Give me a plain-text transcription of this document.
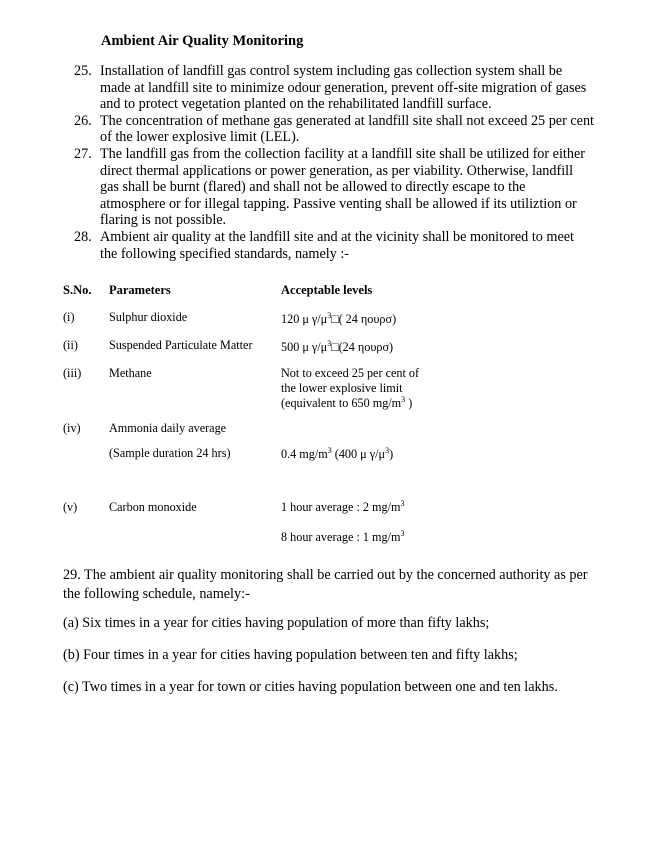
Ambient Air Quality Monitoring
25. Installation of landfill gas control system including gas collection system shall be made at landfill site to minimize odour generation, prevent off-site migration of gases and to protect vegetation planted on the rehabilitated landfill surface.
26. The concentration of methane gas generated at landfill site shall not exceed 25 per cent of the lower explosive limit (LEL).
27. The landfill gas from the collection facility at a landfill site shall be utilized for either direct thermal applications or power generation, as per viability. Otherwise, landfill gas shall be burnt (flared) and shall not be allowed to directly escape to the atmosphere or for illegal tapping. Passive venting shall be allowed if its utiliztion or flaring is not possible.
28. Ambient air quality at the landfill site and at the vicinity shall be monitored to meet the following specified standards, namely :-
S.No. Parameters	Acceptable levels
(i)	Sulphur dioxide	120 μ $\gamma/\mu^3□$( 24 ηουρσ)
(ii)	Suspended Particulate Matter 500 μ $\gamma/\mu^3□(24$ ηουρσ)
(iii) Methane	Not to exceed 25 per cent of
the lower explosive limit
(equivalent to 650 $mg/m^3$ )
(iv) Ammonia daily average
(Sample duration 24 hrs)	0.4 $mg/m^3$ (400 μ $\gamma/\mu^3$)
(v)	Carbon monoxide	1 hour average : 2 $mg/m^3$
8 hour average : 1 $mg/m^3$

29. The ambient air quality monitoring shall be carried out by the concerned authority as per the following schedule, namely:-

(a) Six times in a year for cities having population of more than fifty lakhs;

(b) Four times in a year for cities having population between ten and fifty lakhs;

(c) Two times in a year for town or cities having population between one and ten lakhs.
